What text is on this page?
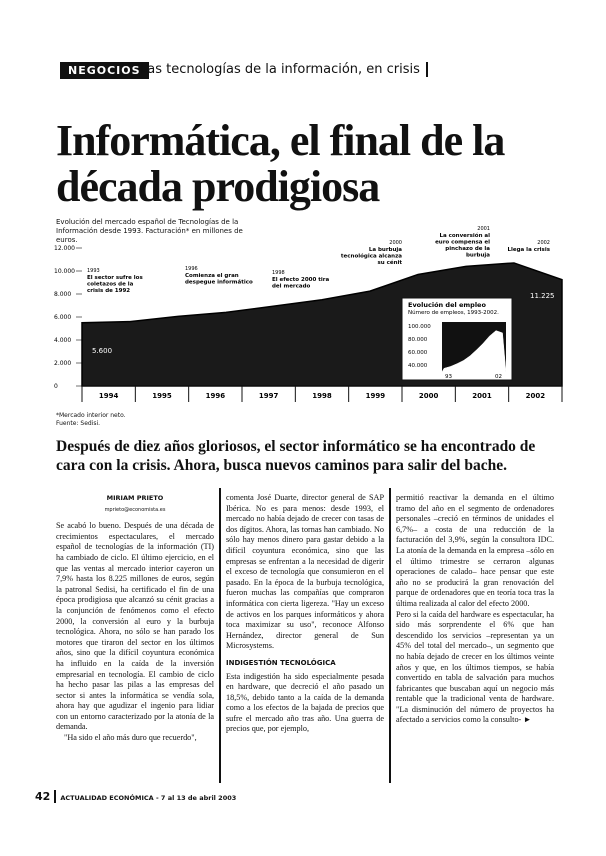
NEGOCIOS Las tecnologías de la información, en crisis
Informática, el final de la década prodigiosa
Evolución del mercado español de Tecnologías de la Información desde 1993. Facturación* en millones de euros.
12.000
10.000
8.000
6.000
4.000
2.000
0
1994	1995	1996	1997	1998	1999	2000	2001	2002
1993
El sector sufre los
coletazos de la
crisis de 1992
1996
Comienza el gran
despegue informático
1998
El efecto 2000 tira
del mercado
2000
La burbuja
tecnológica alcanza
su cénit
2001
La conversión al
euro compensa el
pinchazo de la
burbuja
2002
Llega la crisis
5.600
11.225
Evolución del empleo
Número de empleos, 1993-2002.
100.000
80.000
60.000
40.000
93	02
*Mercado interior neto.
Fuente: Sedisi.
Después de diez años gloriosos, el sector informático se ha encontrado de cara con la crisis. Ahora, busca nuevos caminos para salir del bache.
MIRIAM PRIETO
mprieto@economista.es

Se acabó lo bueno. Después de una década de crecimientos espectaculares, el mercado español de tecnologías de la información (TI) ha cambiado de ciclo. El último ejercicio, en el que las ventas al mercado interior cayeron un 7,9% hasta los 8.225 millones de euros, según la patronal Sedisi, ha certificado el fin de una época prodigiosa que alcanzó su cénit gracias a la conjunción de fenómenos como el efecto 2000, la conversión al euro y la burbuja tecnológica. Ahora, no sólo se han parado los motores que tiraron del sector en los últimos años, sino que la difícil coyuntura económica ha influido en la caída de la inversión empresarial en tecnología. El cambio de ciclo ha hecho pasar las pilas a las empresas del sector si antes la informática se vendía sola, ahora hay que agudizar el ingenio para lidiar con un entorno caracterizado por la atonía de la demanda.

"Ha sido el año más duro que recuerdo",

comenta José Duarte, director general de SAP Ibérica. No es para menos: desde 1993, el mercado no había dejado de crecer con tasas de dos dígitos. Ahora, las tornas han cambiado. No sólo hay menos dinero para gastar debido a la difícil coyuntura económica, sino que las empresas se enfrentan a la necesidad de digerir el exceso de tecnología que consumieron en el pasado. En la época de la burbuja tecnológica, fueron muchas las compañías que compraron informática con cierta ligereza. "Hay un exceso de activos en los parques informáticos y ahora toca maximizar su uso", reconoce Alfonso Hernández, director general de Sun Microsystems.

INDIGESTIÓN TECNOLÓGICA

Esta indigestión ha sido especialmente pesada en hardware, que decreció el año pasado un 18,5%, debido tanto a la caída de la demanda como a los efectos de la bajada de precios que sufre el mercado año tras año. Una guerra de precios que, por ejemplo,

permitió reactivar la demanda en el último tramo del año en el segmento de ordenadores personales –creció en términos de unidades el 6,7%– a costa de una reducción de la facturación del 3,9%, según la consultora IDC. La atonía de la demanda en la empresa –sólo en el último trimestre se cerraron algunas operaciones de calado– hace pensar que este año no se producirá la gran renovación del parque de ordenadores que en teoría toca tras la última realizada al calor del efecto 2000.

Pero si la caída del hardware es espectacular, ha sido más sorprendente el 6% que han descendido los servicios –representan ya un 45% del total del mercado–, un segmento que no había dejado de crecer en los últimos veinte años y que, en los últimos tiempos, se había convertido en tabla de salvación para muchos fabricantes que buscaban aquí un negocio más rentable que la tradicional venta de hardware. "La disminución del número de proyectos ha afectado a servicios como la consulto- ►

42 ACTUALIDAD ECONÓMICA - 7 al 13 de abril 2003
